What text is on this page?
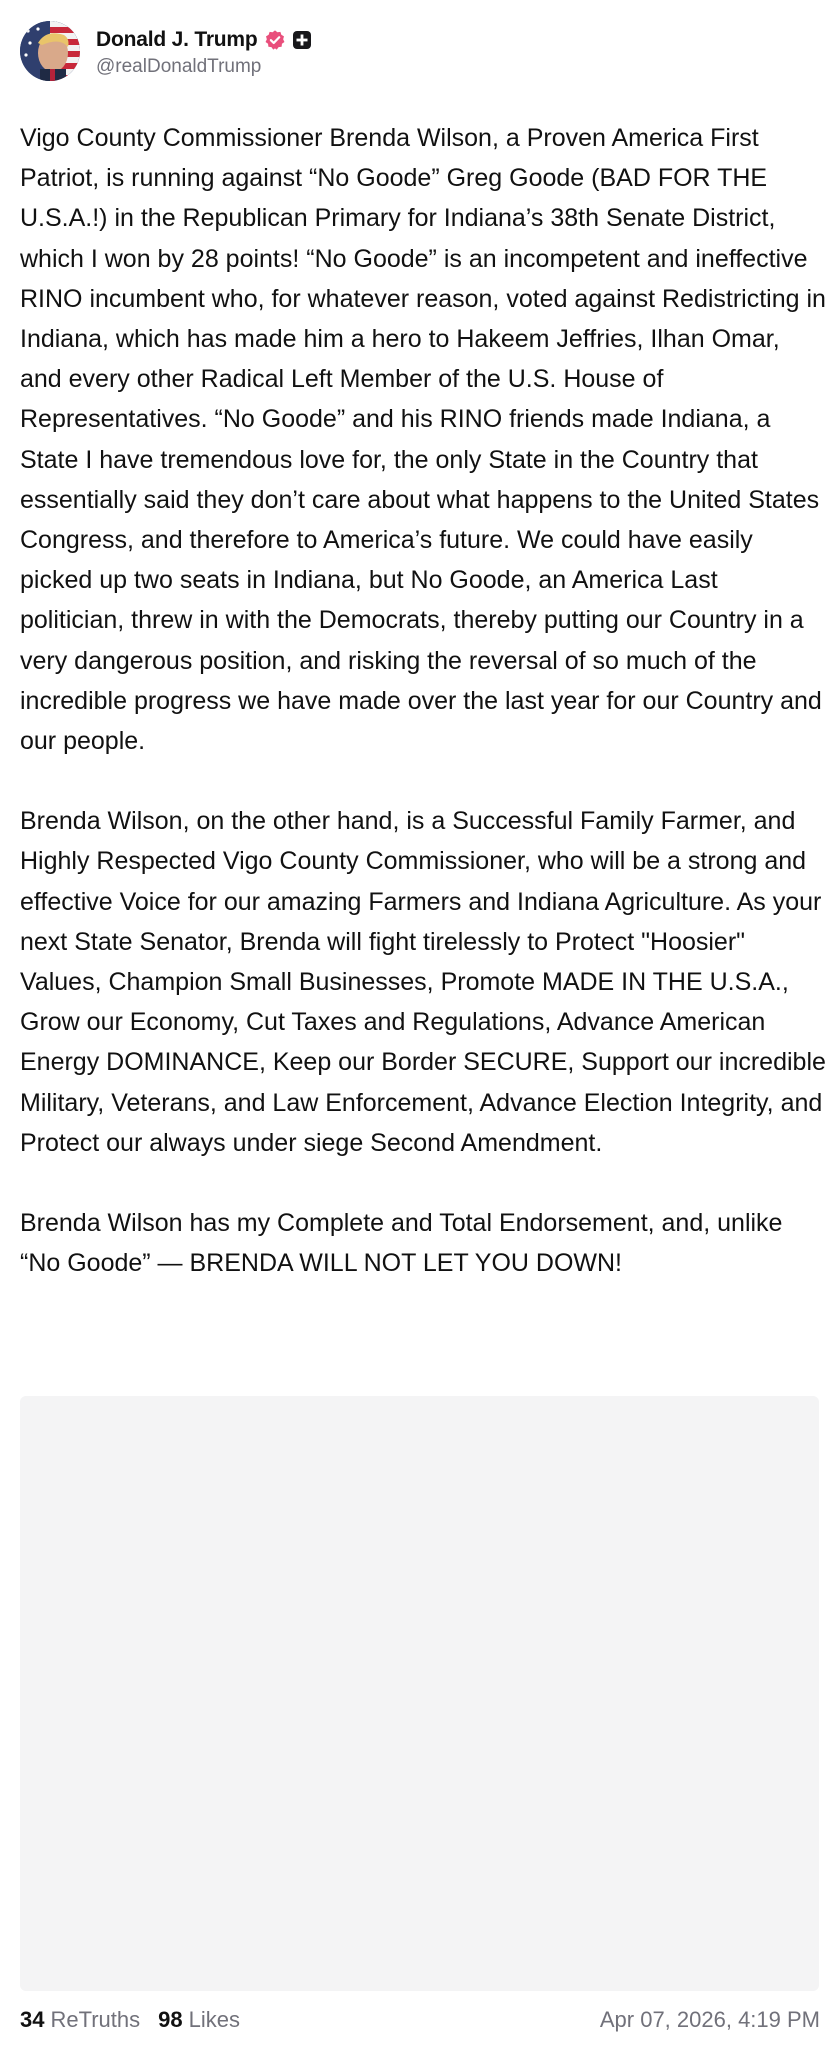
Donald J. Trump
@realDonaldTrump

Vigo County Commissioner Brenda Wilson, a Proven America First Patriot, is running against “No Goode” Greg Goode (BAD FOR THE U.S.A.!) in the Republican Primary for Indiana’s 38th Senate District, which I won by 28 points! “No Goode” is an incompetent and ineffective RINO incumbent who, for whatever reason, voted against Redistricting in Indiana, which has made him a hero to Hakeem Jeffries, Ilhan Omar, and every other Radical Left Member of the U.S. House of Representatives. “No Goode” and his RINO friends made Indiana, a State I have tremendous love for, the only State in the Country that essentially said they don’t care about what happens to the United States Congress, and therefore to America’s future. We could have easily picked up two seats in Indiana, but No Goode, an America Last politician, threw in with the Democrats, thereby putting our Country in a very dangerous position, and risking the reversal of so much of the incredible progress we have made over the last year for our Country and our people.

Brenda Wilson, on the other hand, is a Successful Family Farmer, and Highly Respected Vigo County Commissioner, who will be a strong and effective Voice for our amazing Farmers and Indiana Agriculture. As your next State Senator, Brenda will fight tirelessly to Protect "Hoosier" Values, Champion Small Businesses, Promote MADE IN THE U.S.A., Grow our Economy, Cut Taxes and Regulations, Advance American Energy DOMINANCE, Keep our Border SECURE, Support our incredible Military, Veterans, and Law Enforcement, Advance Election Integrity, and Protect our always under siege Second Amendment.

Brenda Wilson has my Complete and Total Endorsement, and, unlike “No Goode” — BRENDA WILL NOT LET YOU DOWN!

34 ReTruths 98 Likes	Apr 07, 2026, 4:19 PM
